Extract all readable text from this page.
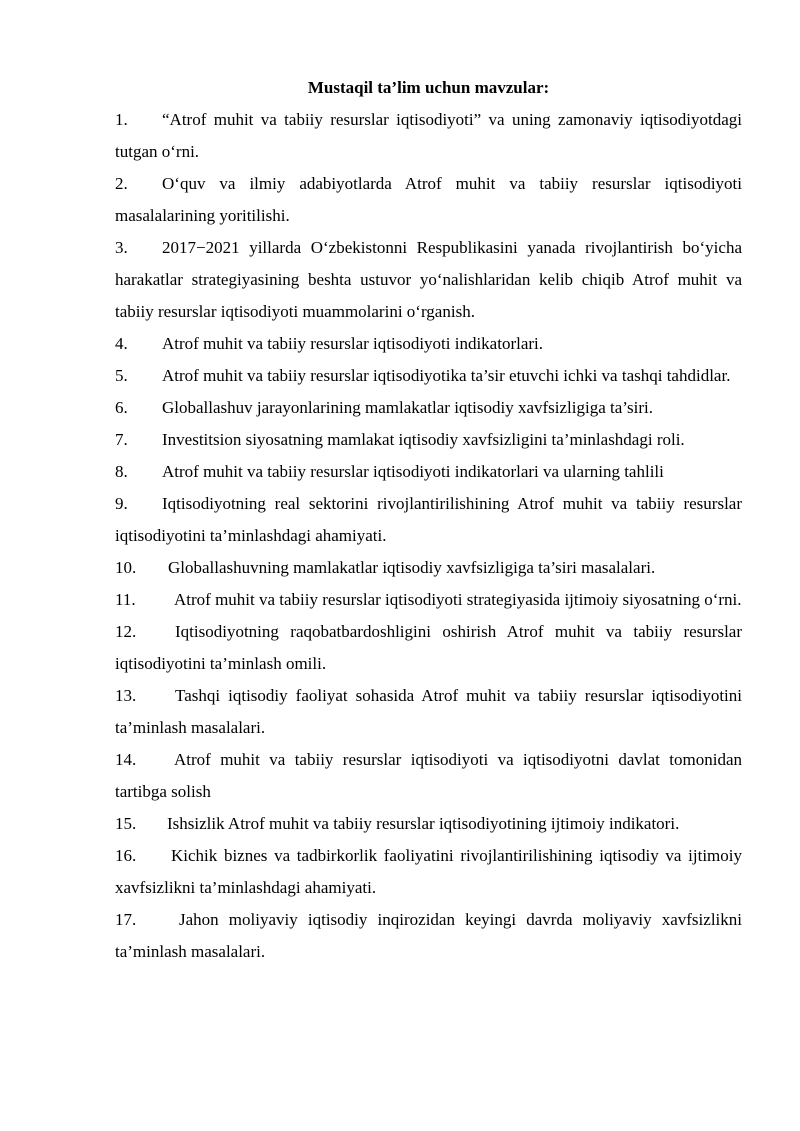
Mustaqil ta’lim uchun mavzular:

1. “Atrof muhit va tabiiy resurslar iqtisodiyoti” va uning zamonaviy iqtisodiyotdagi tutgan o‘rni.

2. O‘quv va ilmiy adabiyotlarda Atrof muhit va tabiiy resurslar iqtisodiyoti masalalarining yoritilishi.

3. 2017−2021 yillarda O‘zbekistonni Respublikasini yanada rivojlantirish bo‘yicha harakatlar strategiyasining beshta ustuvor yo‘nalishlaridan kelib chiqib Atrof muhit va tabiiy resurslar iqtisodiyoti muammolarini o‘rganish.

4. Atrof muhit va tabiiy resurslar iqtisodiyoti indikatorlari.

5. Atrof muhit va tabiiy resurslar iqtisodiyotika ta’sir etuvchi ichki va tashqi tahdidlar.

6. Globallashuv jarayonlarining mamlakatlar iqtisodiy xavfsizligiga ta’siri.

7. Investitsion siyosatning mamlakat iqtisodiy xavfsizligini ta’minlashdagi roli.

8. Atrof muhit va tabiiy resurslar iqtisodiyoti indikatorlari va ularning tahlili

9. Iqtisodiyotning real sektorini rivojlantirilishining Atrof muhit va tabiiy resurslar iqtisodiyotini ta’minlashdagi ahamiyati.

10. Globallashuvning mamlakatlar iqtisodiy xavfsizligiga ta’siri masalalari.

11. Atrof muhit va tabiiy resurslar iqtisodiyoti strategiyasida ijtimoiy siyosatning o‘rni.

12. Iqtisodiyotning raqobatbardoshligini oshirish Atrof muhit va tabiiy resurslar iqtisodiyotini ta’minlash omili.

13. Tashqi iqtisodiy faoliyat sohasida Atrof muhit va tabiiy resurslar iqtisodiyotini ta’minlash masalalari.

14. Atrof muhit va tabiiy resurslar iqtisodiyoti va iqtisodiyotni davlat tomonidan tartibga solish

15. Ishsizlik Atrof muhit va tabiiy resurslar iqtisodiyotining ijtimoiy indikatori.

16. Kichik biznes va tadbirkorlik faoliyatini rivojlantirilishining iqtisodiy va ijtimoiy xavfsizlikni ta’minlashdagi ahamiyati.

17.	Jahon moliyaviy iqtisodiy inqirozidan keyingi davrda moliyaviy xavfsizlikni ta’minlash masalalari.
